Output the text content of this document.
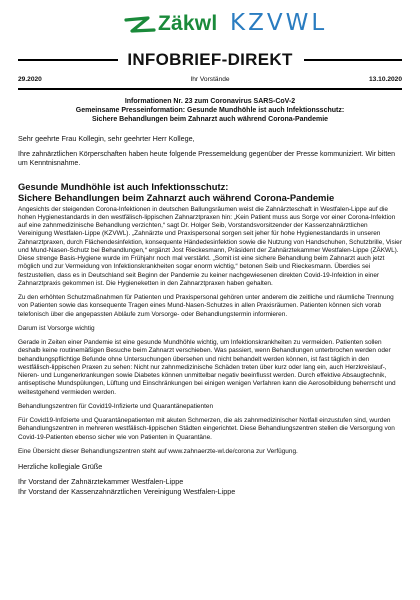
Zäkwl KZVWL
INFOBRIEF-DIREKT
Ihr Vorstände
29.2020	13.10.2020
Informationen Nr. 23 zum Coronavirus SARS-CoV-2
Gemeinsame Presseinformation: Gesunde Mundhöhle ist auch Infektionsschutz:
Sichere Behandlungen beim Zahnarzt auch während Corona-Pandemie

Sehr geehrte Frau Kollegin, sehr geehrter Herr Kollege,

Ihre zahnärztlichen Körperschaften haben heute folgende Pressemeldung gegenüber der Presse kommuniziert. Wir bitten um Kenntnisnahme.

Gesunde Mundhöhle ist auch Infektionsschutz:
Sichere Behandlungen beim Zahnarzt auch während Corona-Pandemie

Angesichts der steigenden Corona-Infektionen in deutschen Ballungsräumen weist die Zahnärzteschaft in Westfalen-Lippe auf die hohen Hygienestandards in den westfälisch-lippischen Zahnarztpraxen hin: „Kein Patient muss aus Sorge vor einer Corona-Infektion auf eine zahnmedizinische Behandlung verzichten,“ sagt Dr. Holger Seib, Vorstandsvorsitzender der Kassenzahnärztlichen Vereinigung Westfalen-Lippe (KZVWL). „Zahnärzte und Praxispersonal sorgen seit jeher für hohe Hygienestandards in unseren Zahnarztpraxen, durch Flächendesinfektion, konsequente Händedesinfektion sowie die Nutzung von Handschuhen, Schutzbrille, Visier und Mund-Nasen-Schutz bei Behandlungen,“ ergänzt Jost Rieckesmann, Präsident der Zahnärztekammer Westfalen-Lippe (ZÄKWL). Diese strenge Basis-Hygiene wurde im Frühjahr noch mal verstärkt. „Somit ist eine sichere Behandlung beim Zahnarzt auch jetzt möglich und zur Vermeidung von Infektionskrankheiten sogar enorm wichtig,“ betonen Seib und Rieckesmann. Überdies sei festzustellen, dass es in Deutschland seit Beginn der Pandemie zu keiner nachgewiesenen direkten Covid-19-Infektion in einer Zahnarztpraxis gekommen ist. Die Hygieneketten in den Zahnarztpraxen haben gehalten.

Zu den erhöhten Schutzmaßnahmen für Patienten und Praxispersonal gehören unter anderem die zeitliche und räumliche Trennung von Patienten sowie das konsequente Tragen eines Mund-Nasen-Schutzes in allen Praxisräumen. Patienten können sich vorab telefonisch über die angepassten Abläufe zum Vorsorge- oder Behandlungstermin informieren.

Darum ist Vorsorge wichtig

Gerade in Zeiten einer Pandemie ist eine gesunde Mundhöhle wichtig, um Infektionskrankheiten zu vermeiden. Patienten sollen deshalb keine routinemäßigen Besuche beim Zahnarzt verschieben. Was passiert, wenn Behandlungen unterbrochen werden oder behandlungspflichtige Befunde ohne Untersuchungen übersehen und nicht behandelt werden können, ist fast täglich in den westfälisch-lippischen Praxen zu sehen: Nicht nur zahnmedizinische Schäden treten über kurz oder lang ein, auch Herzkreislauf-, Nieren- und Lungenerkrankungen sowie Diabetes können unmittelbar negativ beeinflusst werden. Durch effektive Absaugtechnik, antiseptische Mundspülungen, Lüftung und Einschränkungen bei einigen wenigen Verfahren kann die Aerosolbildung beherrscht und weitestgehend vermieden werden.

Behandlungszentren für Covid19-Infizierte und Quarantänepatienten

Für Covid19-Infizierte und Quarantänepatienten mit akuten Schmerzen, die als zahnmedizinischer Notfall einzustufen sind, wurden Behandlungszentren in mehreren westfälisch-lippischen Städten eingerichtet. Diese Behandlungszentren stellen die Versorgung von Covid-19-Patienten ebenso sicher wie von Patienten in Quarantäne.

Eine Übersicht dieser Behandlungszentren steht auf www.zahnaerzte-wl.de/corona zur Verfügung.

Herzliche kollegiale Grüße
Ihr Vorstand der Zahnärztekammer Westfalen-Lippe
Ihr Vorstand der Kassenzahnärztlichen Vereinigung Westfalen-Lippe
